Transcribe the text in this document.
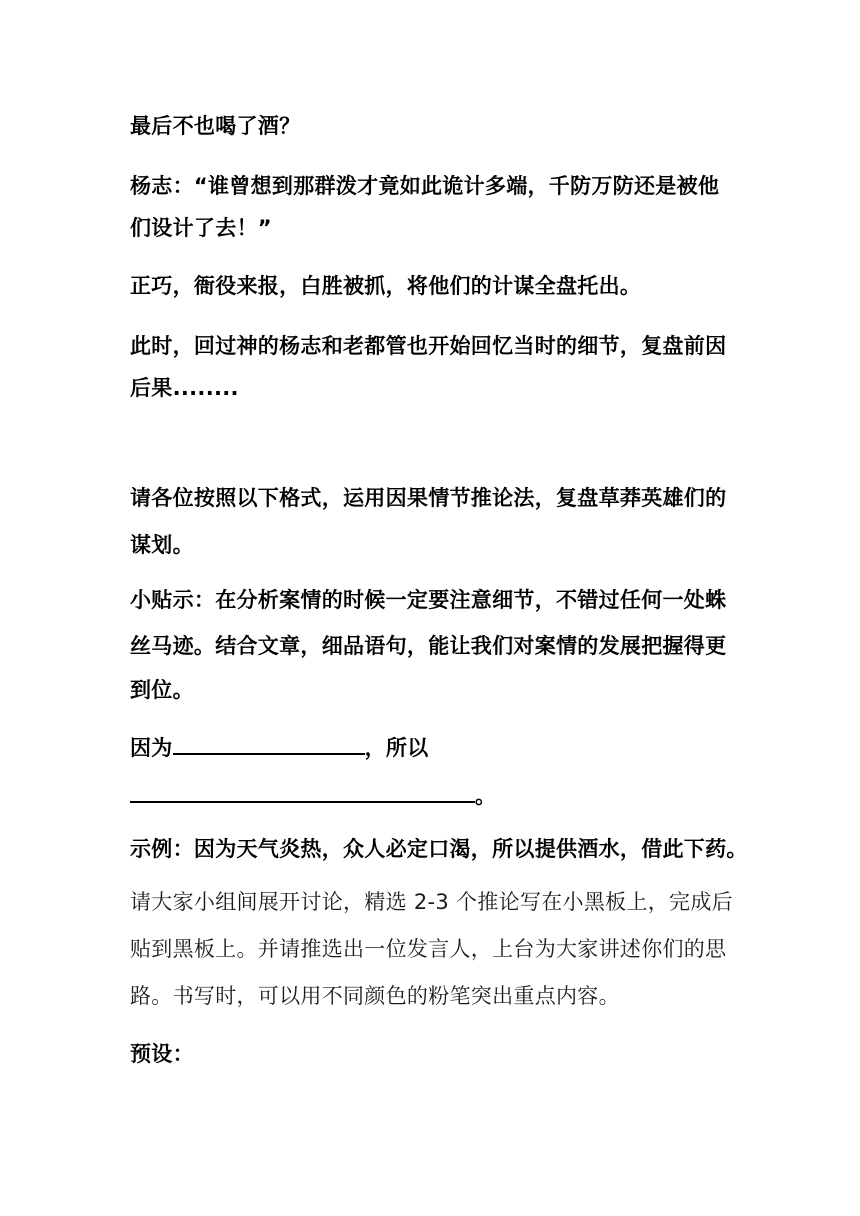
最后不也喝了酒？

杨志：“谁曾想到那群泼才竟如此诡计多端，千防万防还是被他

们设计了去！”

正巧，衙役来报，白胜被抓，将他们的计谋全盘托出。

此时，回过神的杨志和老都管也开始回忆当时的细节，复盘前因

后果........

请各位按照以下格式，运用因果情节推论法，复盘草莽英雄们的

谋划。

小贴示：在分析案情的时候一定要注意细节，不错过任何一处蛛

丝马迹。结合文章，细品语句，能让我们对案情的发展把握得更

到位。

因为	，所以

。

示例：因为天气炎热，众人必定口渴，所以提供酒水，借此下药。

请大家小组间展开讨论，精选 2-3 个推论写在小黑板上，完成后

贴到黑板上。并请推选出一位发言人，上台为大家讲述你们的思

路。书写时，可以用不同颜色的粉笔突出重点内容。

预设：
